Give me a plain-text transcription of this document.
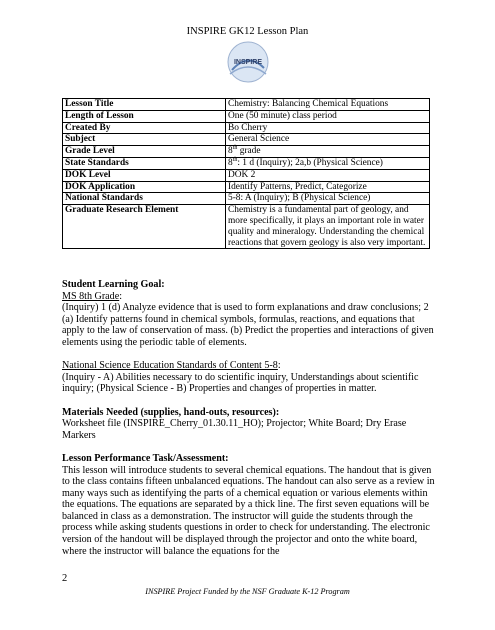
INSPIRE GK12 Lesson Plan
INSPIRE
Lesson Title	Chemistry: Balancing Chemical Equations
Length of Lesson	One (50 minute) class period
Created By	Bo Cherry
Subject	General Science
Grade Level	8th grade
State Standards	8th: 1 d (Inquiry); 2a,b (Physical Science)
DOK Level	DOK 2
DOK Application	Identify Patterns, Predict, Categorize
National Standards	5-8: A (Inquiry); B (Physical Science)
Graduate Research Element	Chemistry is a fundamental part of geology, and more specifically, it plays an important role in water quality and mineralogy. Understanding the chemical reactions that govern geology is also very important.
Student Learning Goal:
MS 8th Grade:

(Inquiry) 1 (d) Analyze evidence that is used to form explanations and draw conclusions; 2 (a) Identify patterns found in chemical symbols, formulas, reactions, and equations that apply to the law of conservation of mass. (b) Predict the properties and interactions of given elements using the periodic table of elements.

National Science Education Standards of Content 5-8:

(Inquiry - A) Abilities necessary to do scientific inquiry, Understandings about scientific inquiry; (Physical Science - B) Properties and changes of properties in matter.

Materials Needed (supplies, hand-outs, resources):

Worksheet file (INSPIRE_Cherry_01.30.11_HO); Projector; White Board; Dry Erase Markers

Lesson Performance Task/Assessment:

This lesson will introduce students to several chemical equations. The handout that is given to the class contains fifteen unbalanced equations. The handout can also serve as a review in many ways such as identifying the parts of a chemical equation or various elements within the equations. The equations are separated by a thick line. The first seven equations will be balanced in class as a demonstration. The instructor will guide the students through the process while asking students questions in order to check for understanding. The electronic version of the handout will be displayed through the projector and onto the white board, where the instructor will balance the equations for the

2
INSPIRE Project Funded by the NSF Graduate K-12 Program
